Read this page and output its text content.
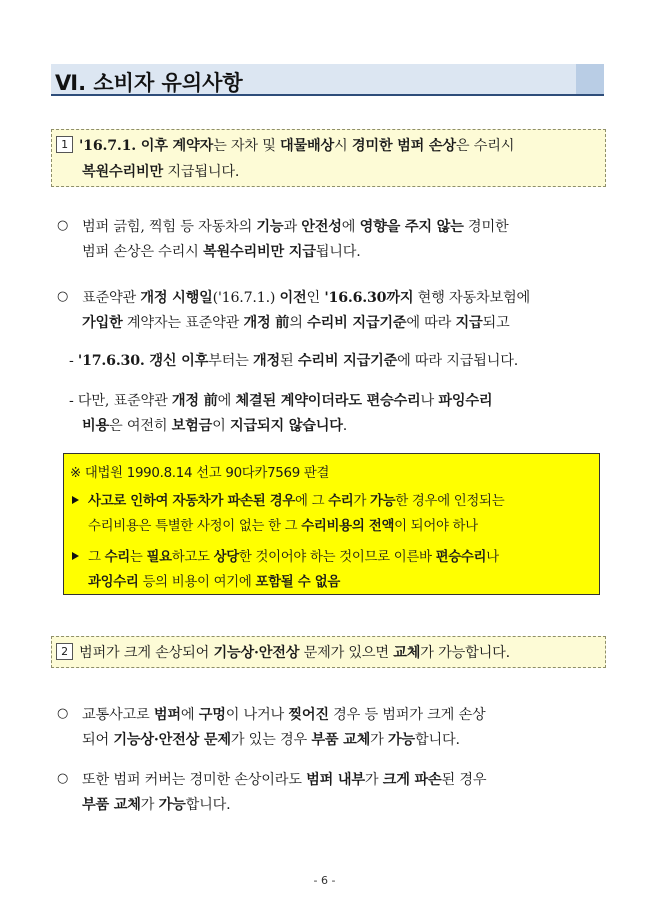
Ⅵ. 소비자 유의사항
1 '16.7.1. 이후 계약자는 자차 및 대물배상시 경미한 범퍼 손상은 수리시
복원수리비만 지급됩니다.
○ 범퍼 긁힘, 찍힘 등 자동차의 기능과 안전성에 영향을 주지 않는 경미한
범퍼 손상은 수리시 복원수리비만 지급됩니다.
○ 표준약관 개정 시행일('16.7.1.) 이전인 '16.6.30까지 현행 자동차보험에
가입한 계약자는 표준약관 개정 前의 수리비 지급기준에 따라 지급되고
- '17.6.30. 갱신 이후부터는 개정된 수리비 지급기준에 따라 지급됩니다.
- 다만, 표준약관 개정 前에 체결된 계약이더라도 편승수리나 파잉수리
비용은 여전히 보험금이 지급되지 않습니다.
※ 대법원 1990.8.14 선고 90다카7569 판결
사고로 인하여 자동차가 파손된 경우에 그 수리가 가능한 경우에 인정되는
수리비용은 특별한 사정이 없는 한 그 수리비용의 전액이 되어야 하나
그 수리는 필요하고도 상당한 것이어야 하는 것이므로 이른바 편승수리나
과잉수리 등의 비용이 여기에 포함될 수 없음
2 범퍼가 크게 손상되어 기능상·안전상 문제가 있으면 교체가 가능합니다.
○ 교통사고로 범퍼에 구멍이 나거나 찢어진 경우 등 범퍼가 크게 손상
되어 기능상·안전상 문제가 있는 경우 부품 교체가 가능합니다.
○ 또한 범퍼 커버는 경미한 손상이라도 범퍼 내부가 크게 파손된 경우
부품 교체가 가능합니다.
- 6 -
